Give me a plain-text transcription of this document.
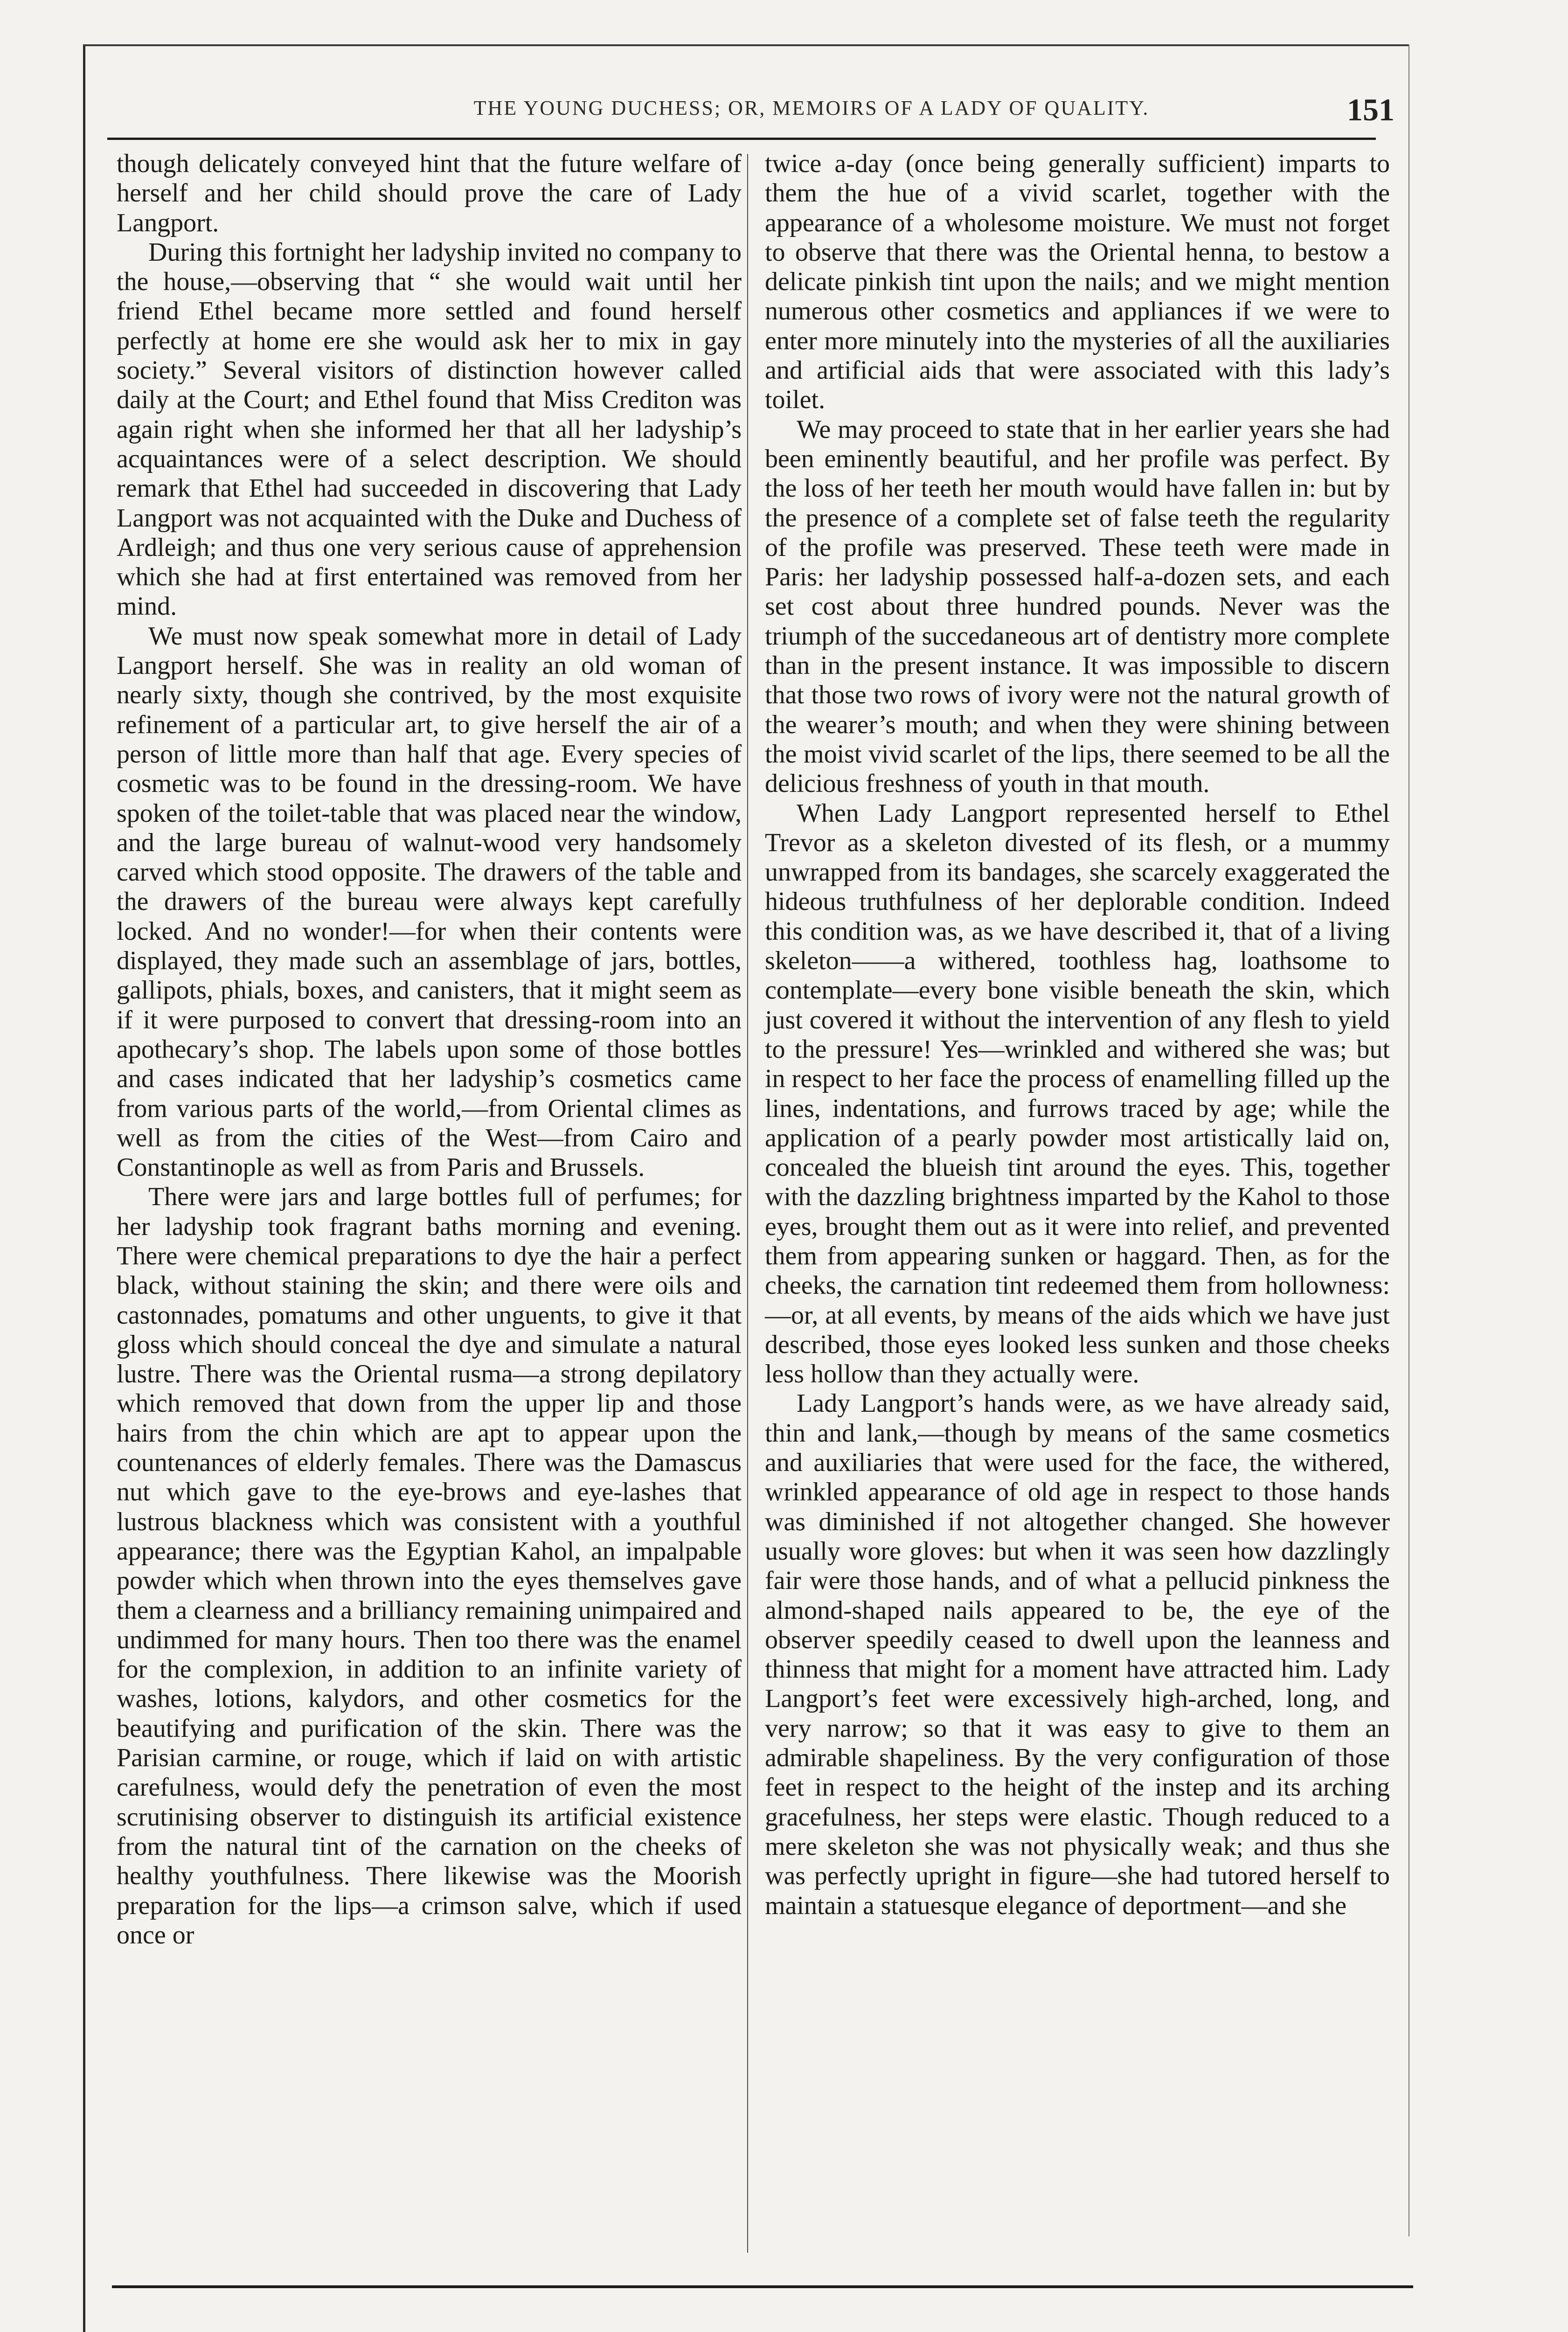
THE YOUNG DUCHESS; OR, MEMOIRS OF A LADY OF QUALITY.	151

though delicately conveyed hint that the future welfare of herself and her child should prove the care of Lady Langport.

During this fortnight her ladyship invited no company to the house,—observing that “ she would wait until her friend Ethel became more settled and found herself perfectly at home ere she would ask her to mix in gay society.” Several visitors of distinction however called daily at the Court; and Ethel found that Miss Crediton was again right when she informed her that all her ladyship’s acquaintances were of a select description. We should remark that Ethel had succeeded in discovering that Lady Langport was not acquainted with the Duke and Duchess of Ardleigh; and thus one very serious cause of apprehension which she had at first entertained was removed from her mind.

We must now speak somewhat more in detail of Lady Langport herself. She was in reality an old woman of nearly sixty, though she contrived, by the most exquisite refinement of a particular art, to give herself the air of a person of little more than half that age. Every species of cosmetic was to be found in the dressing-room. We have spoken of the toilet-table that was placed near the window, and the large bureau of walnut-wood very handsomely carved which stood opposite. The drawers of the table and the drawers of the bureau were always kept carefully locked. And no wonder!—for when their contents were displayed, they made such an assemblage of jars, bottles, gallipots, phials, boxes, and canisters, that it might seem as if it were purposed to convert that dressing-room into an apothecary’s shop. The labels upon some of those bottles and cases indicated that her ladyship’s cosmetics came from various parts of the world,—from Oriental climes as well as from the cities of the West—from Cairo and Constantinople as well as from Paris and Brussels.

There were jars and large bottles full of perfumes; for her ladyship took fragrant baths morning and evening. There were chemical preparations to dye the hair a perfect black, without staining the skin; and there were oils and castonnades, pomatums and other unguents, to give it that gloss which should conceal the dye and simulate a natural lustre. There was the Oriental rusma—a strong depilatory which removed that down from the upper lip and those hairs from the chin which are apt to appear upon the countenances of elderly females. There was the Damascus nut which gave to the eye-brows and eye-lashes that lustrous blackness which was consistent with a youthful appearance; there was the Egyptian Kahol, an impalpable powder which when thrown into the eyes themselves gave them a clearness and a brilliancy remaining unimpaired and undimmed for many hours. Then too there was the enamel for the complexion, in addition to an infinite variety of washes, lotions, kalydors, and other cosmetics for the beautifying and purification of the skin. There was the Parisian carmine, or rouge, which if laid on with artistic carefulness, would defy the penetration of even the most scrutinising observer to distinguish its artificial existence from the natural tint of the carnation on the cheeks of healthy youthfulness. There likewise was the Moorish preparation for the lips—a crimson salve, which if used once or

twice a-day (once being generally sufficient) imparts to them the hue of a vivid scarlet, together with the appearance of a wholesome moisture. We must not forget to observe that there was the Oriental henna, to bestow a delicate pinkish tint upon the nails; and we might mention numerous other cosmetics and appliances if we were to enter more minutely into the mysteries of all the auxiliaries and artificial aids that were associated with this lady’s toilet.

We may proceed to state that in her earlier years she had been eminently beautiful, and her profile was perfect. By the loss of her teeth her mouth would have fallen in: but by the presence of a complete set of false teeth the regularity of the profile was preserved. These teeth were made in Paris: her ladyship possessed half-a-dozen sets, and each set cost about three hundred pounds. Never was the triumph of the succedaneous art of dentistry more complete than in the present instance. It was impossible to discern that those two rows of ivory were not the natural growth of the wearer’s mouth; and when they were shining between the moist vivid scarlet of the lips, there seemed to be all the delicious freshness of youth in that mouth.

When Lady Langport represented herself to Ethel Trevor as a skeleton divested of its flesh, or a mummy unwrapped from its bandages, she scarcely exaggerated the hideous truthfulness of her deplorable condition. Indeed this condition was, as we have described it, that of a living skeleton——a withered, toothless hag, loathsome to contemplate—every bone visible beneath the skin, which just covered it without the intervention of any flesh to yield to the pressure! Yes—wrinkled and withered she was; but in respect to her face the process of enamelling filled up the lines, indentations, and furrows traced by age; while the application of a pearly powder most artistically laid on, concealed the blueish tint around the eyes. This, together with the dazzling brightness imparted by the Kahol to those eyes, brought them out as it were into relief, and prevented them from appearing sunken or haggard. Then, as for the cheeks, the carnation tint redeemed them from hollowness:—or, at all events, by means of the aids which we have just described, those eyes looked less sunken and those cheeks less hollow than they actually were.

Lady Langport’s hands were, as we have already said, thin and lank,—though by means of the same cosmetics and auxiliaries that were used for the face, the withered, wrinkled appearance of old age in respect to those hands was diminished if not altogether changed. She however usually wore gloves: but when it was seen how dazzlingly fair were those hands, and of what a pellucid pinkness the almond-shaped nails appeared to be, the eye of the observer speedily ceased to dwell upon the leanness and thinness that might for a moment have attracted him. Lady Langport’s feet were excessively high-arched, long, and very narrow; so that it was easy to give to them an admirable shapeliness. By the very configuration of those feet in respect to the height of the instep and its arching gracefulness, her steps were elastic. Though reduced to a mere skeleton she was not physically weak; and thus she was perfectly upright in figure—she had tutored herself to maintain a statuesque elegance of deportment—and she
